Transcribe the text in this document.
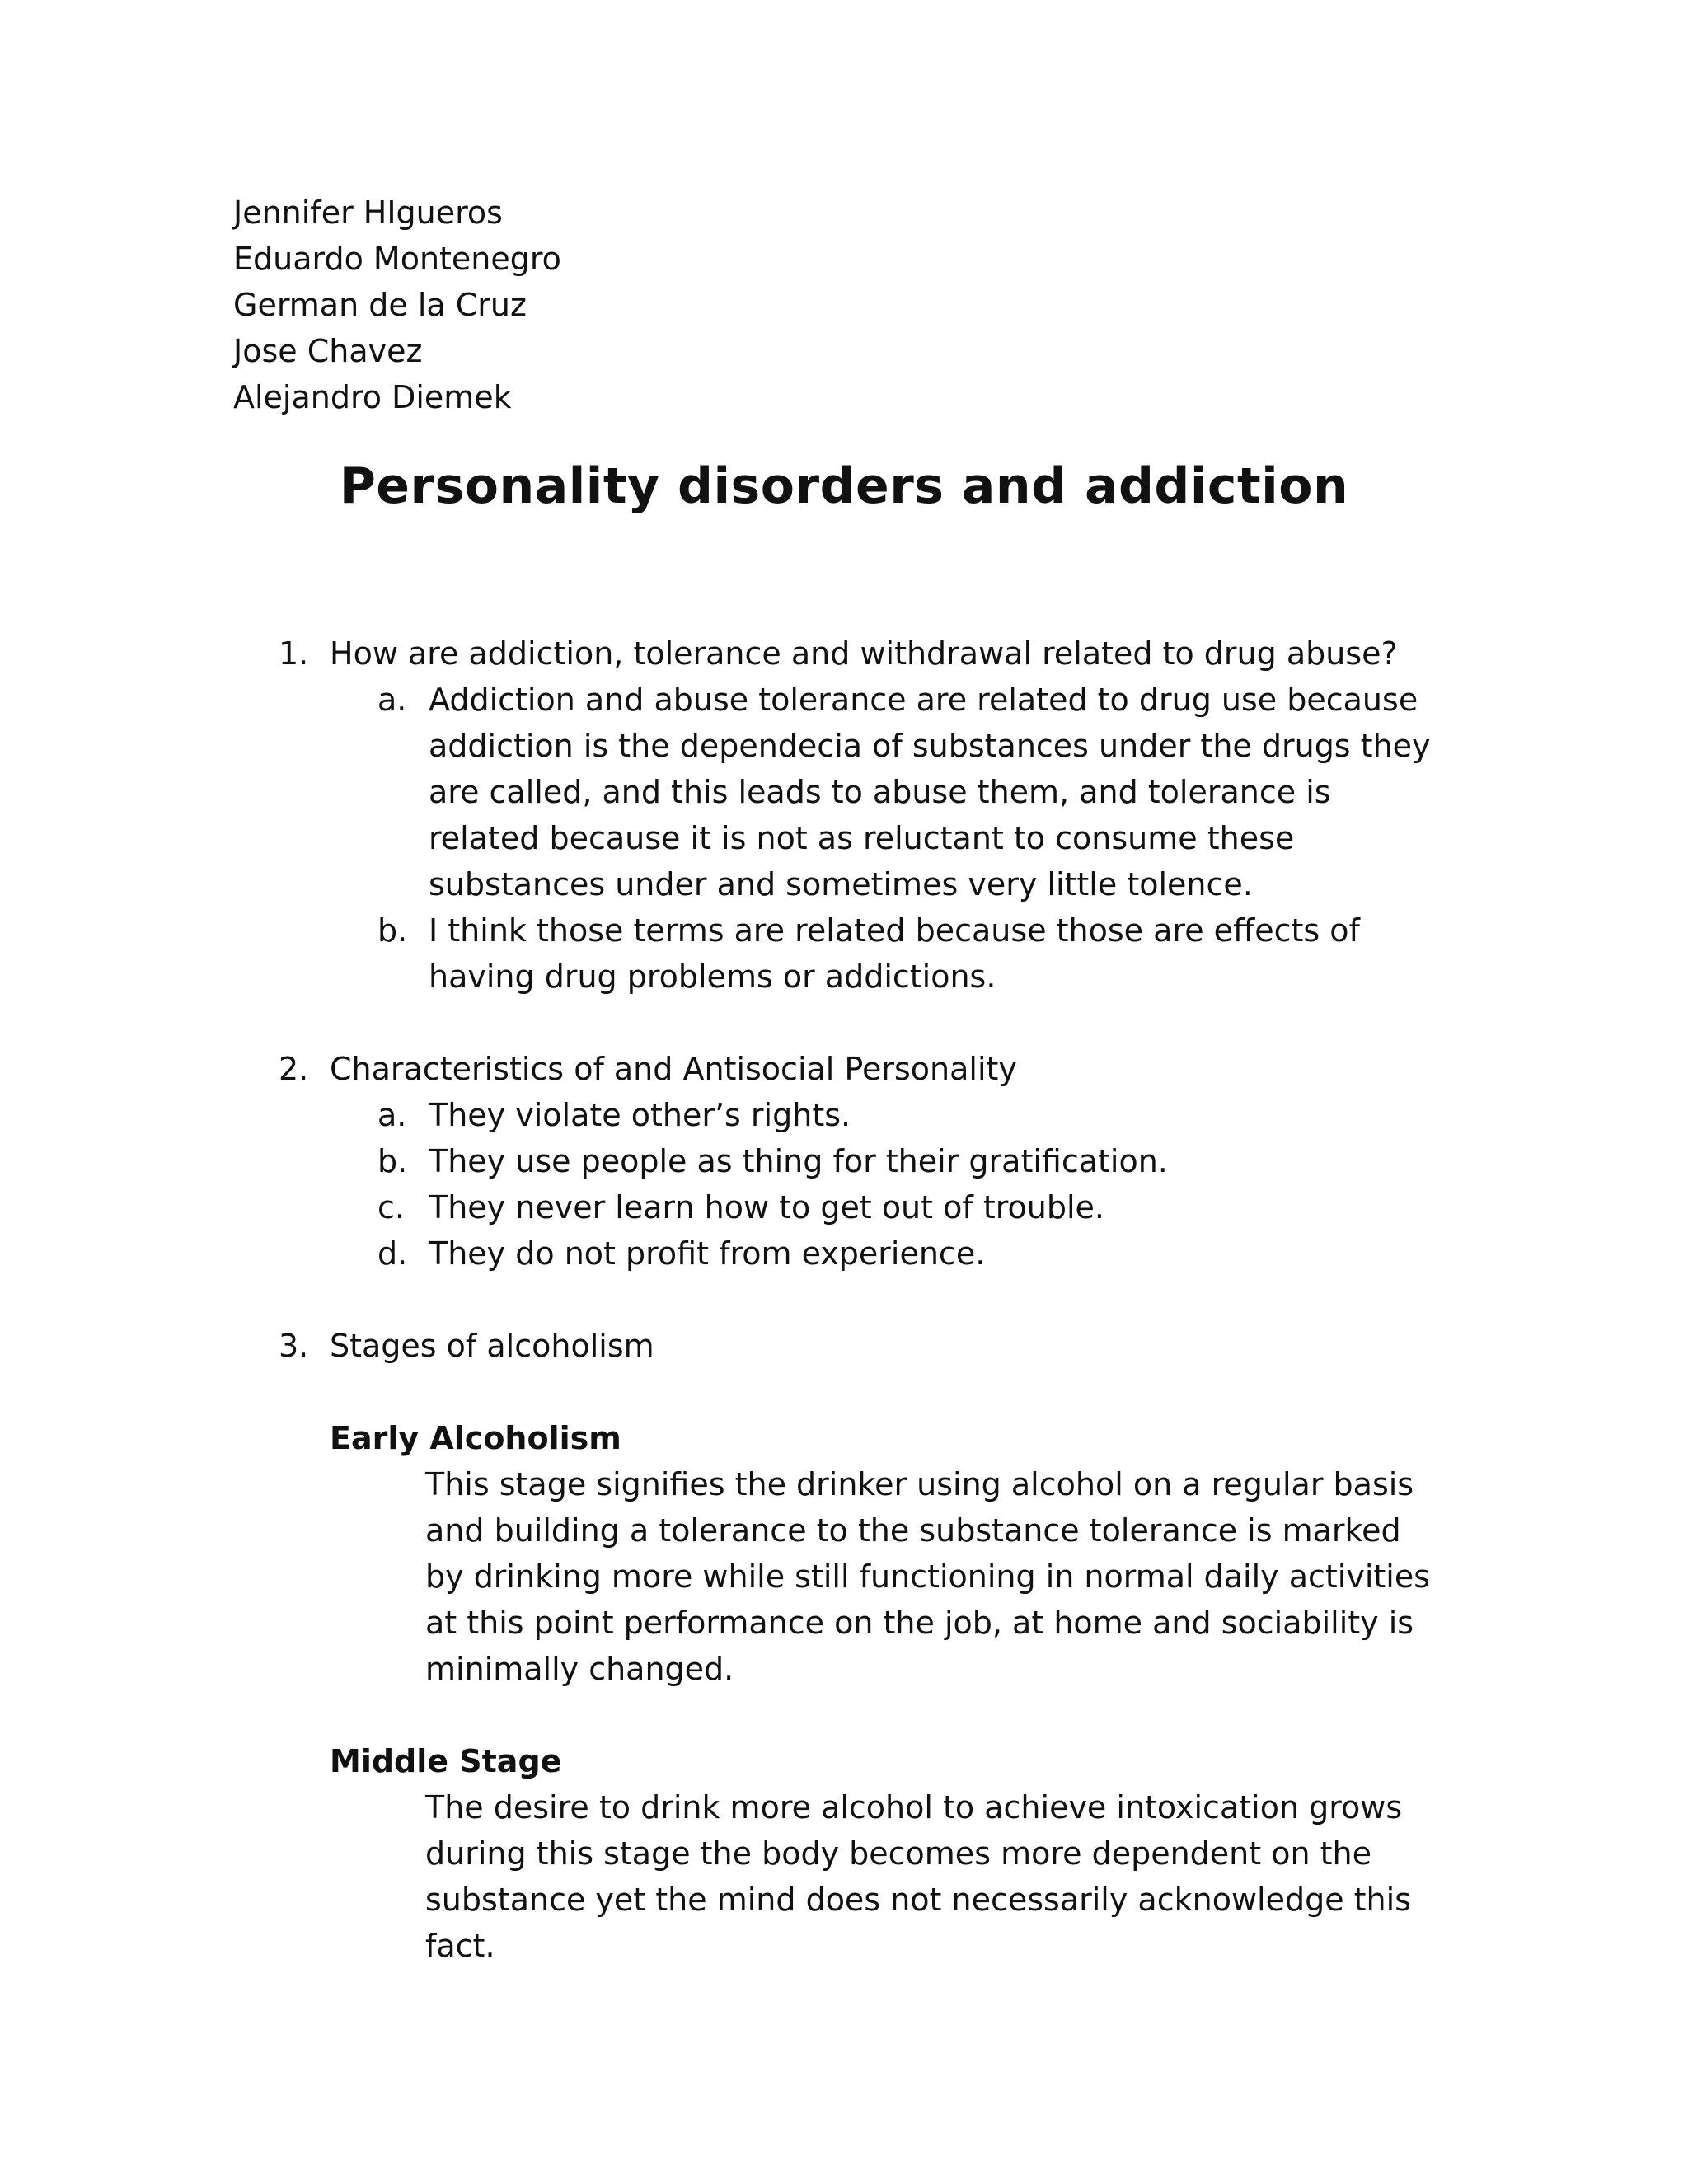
Jennifer HIgueros
Eduardo Montenegro
German de la Cruz
Jose Chavez
Alejandro Diemek
Personality disorders and addiction
1. How are addiction, tolerance and withdrawal related to drug abuse?
a. Addiction and abuse tolerance are related to drug use because addiction is the dependecia of substances under the drugs they are called, and this leads to abuse them, and tolerance is related because it is not as reluctant to consume these substances under and sometimes very little tolence.
b. I think those terms are related because those are effects of having drug problems or addictions.
2. Characteristics of and Antisocial Personality
a. They violate other’s rights.
b. They use people as thing for their gratification.
c. They never learn how to get out of trouble.
d. They do not profit from experience.
3. Stages of alcoholism
Early Alcoholism
This stage signifies the drinker using alcohol on a regular basis and building a tolerance to the substance tolerance is marked by drinking more while still functioning in normal daily activities at this point performance on the job, at home and sociability is minimally changed.
Middle Stage
The desire to drink more alcohol to achieve intoxication grows during this stage the body becomes more dependent on the substance yet the mind does not necessarily acknowledge this fact.
